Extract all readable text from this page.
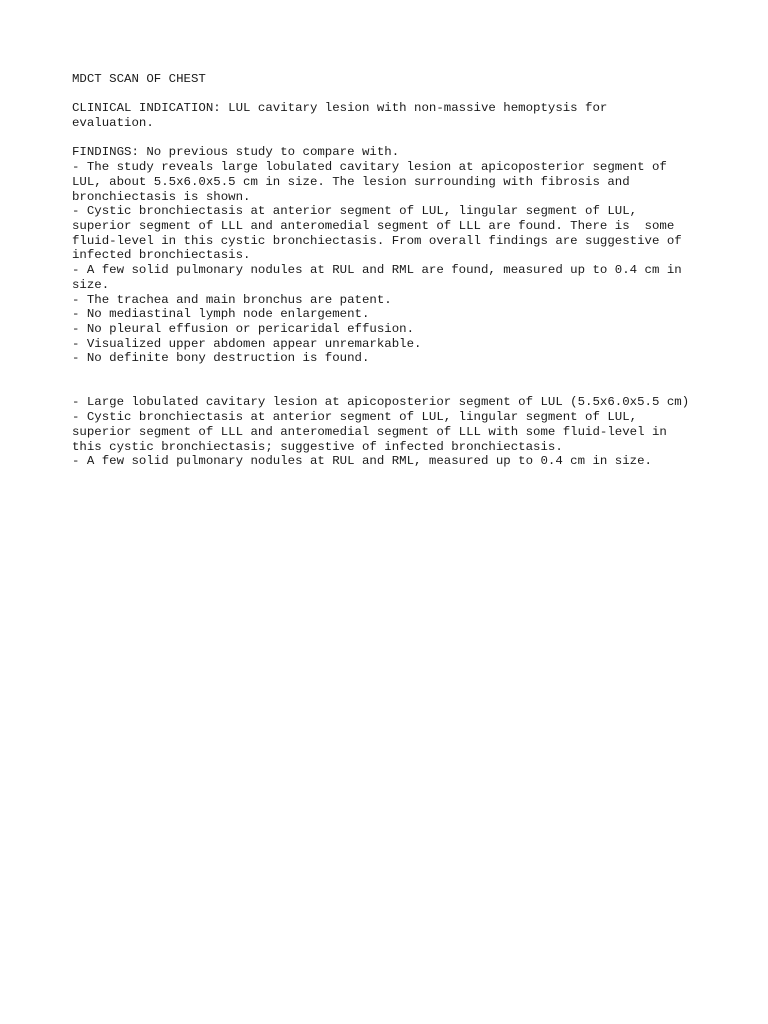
MDCT SCAN OF CHEST
CLINICAL INDICATION: LUL cavitary lesion with non-massive hemoptysis for
evaluation.
FINDINGS: No previous study to compare with.
- The study reveals large lobulated cavitary lesion at apicoposterior segment of
LUL, about 5.5x6.0x5.5 cm in size. The lesion surrounding with fibrosis and
bronchiectasis is shown.
- Cystic bronchiectasis at anterior segment of LUL, lingular segment of LUL,
superior segment of LLL and anteromedial segment of LLL are found. There is  some
fluid-level in this cystic bronchiectasis. From overall findings are suggestive of
infected bronchiectasis.
- A few solid pulmonary nodules at RUL and RML are found, measured up to 0.4 cm in
size.
- The trachea and main bronchus are patent.
- No mediastinal lymph node enlargement.
- No pleural effusion or pericaridal effusion.
- Visualized upper abdomen appear unremarkable.
- No definite bony destruction is found.
- Large lobulated cavitary lesion at apicoposterior segment of LUL (5.5x6.0x5.5 cm)
- Cystic bronchiectasis at anterior segment of LUL, lingular segment of LUL,
superior segment of LLL and anteromedial segment of LLL with some fluid-level in
this cystic bronchiectasis; suggestive of infected bronchiectasis.
- A few solid pulmonary nodules at RUL and RML, measured up to 0.4 cm in size.
